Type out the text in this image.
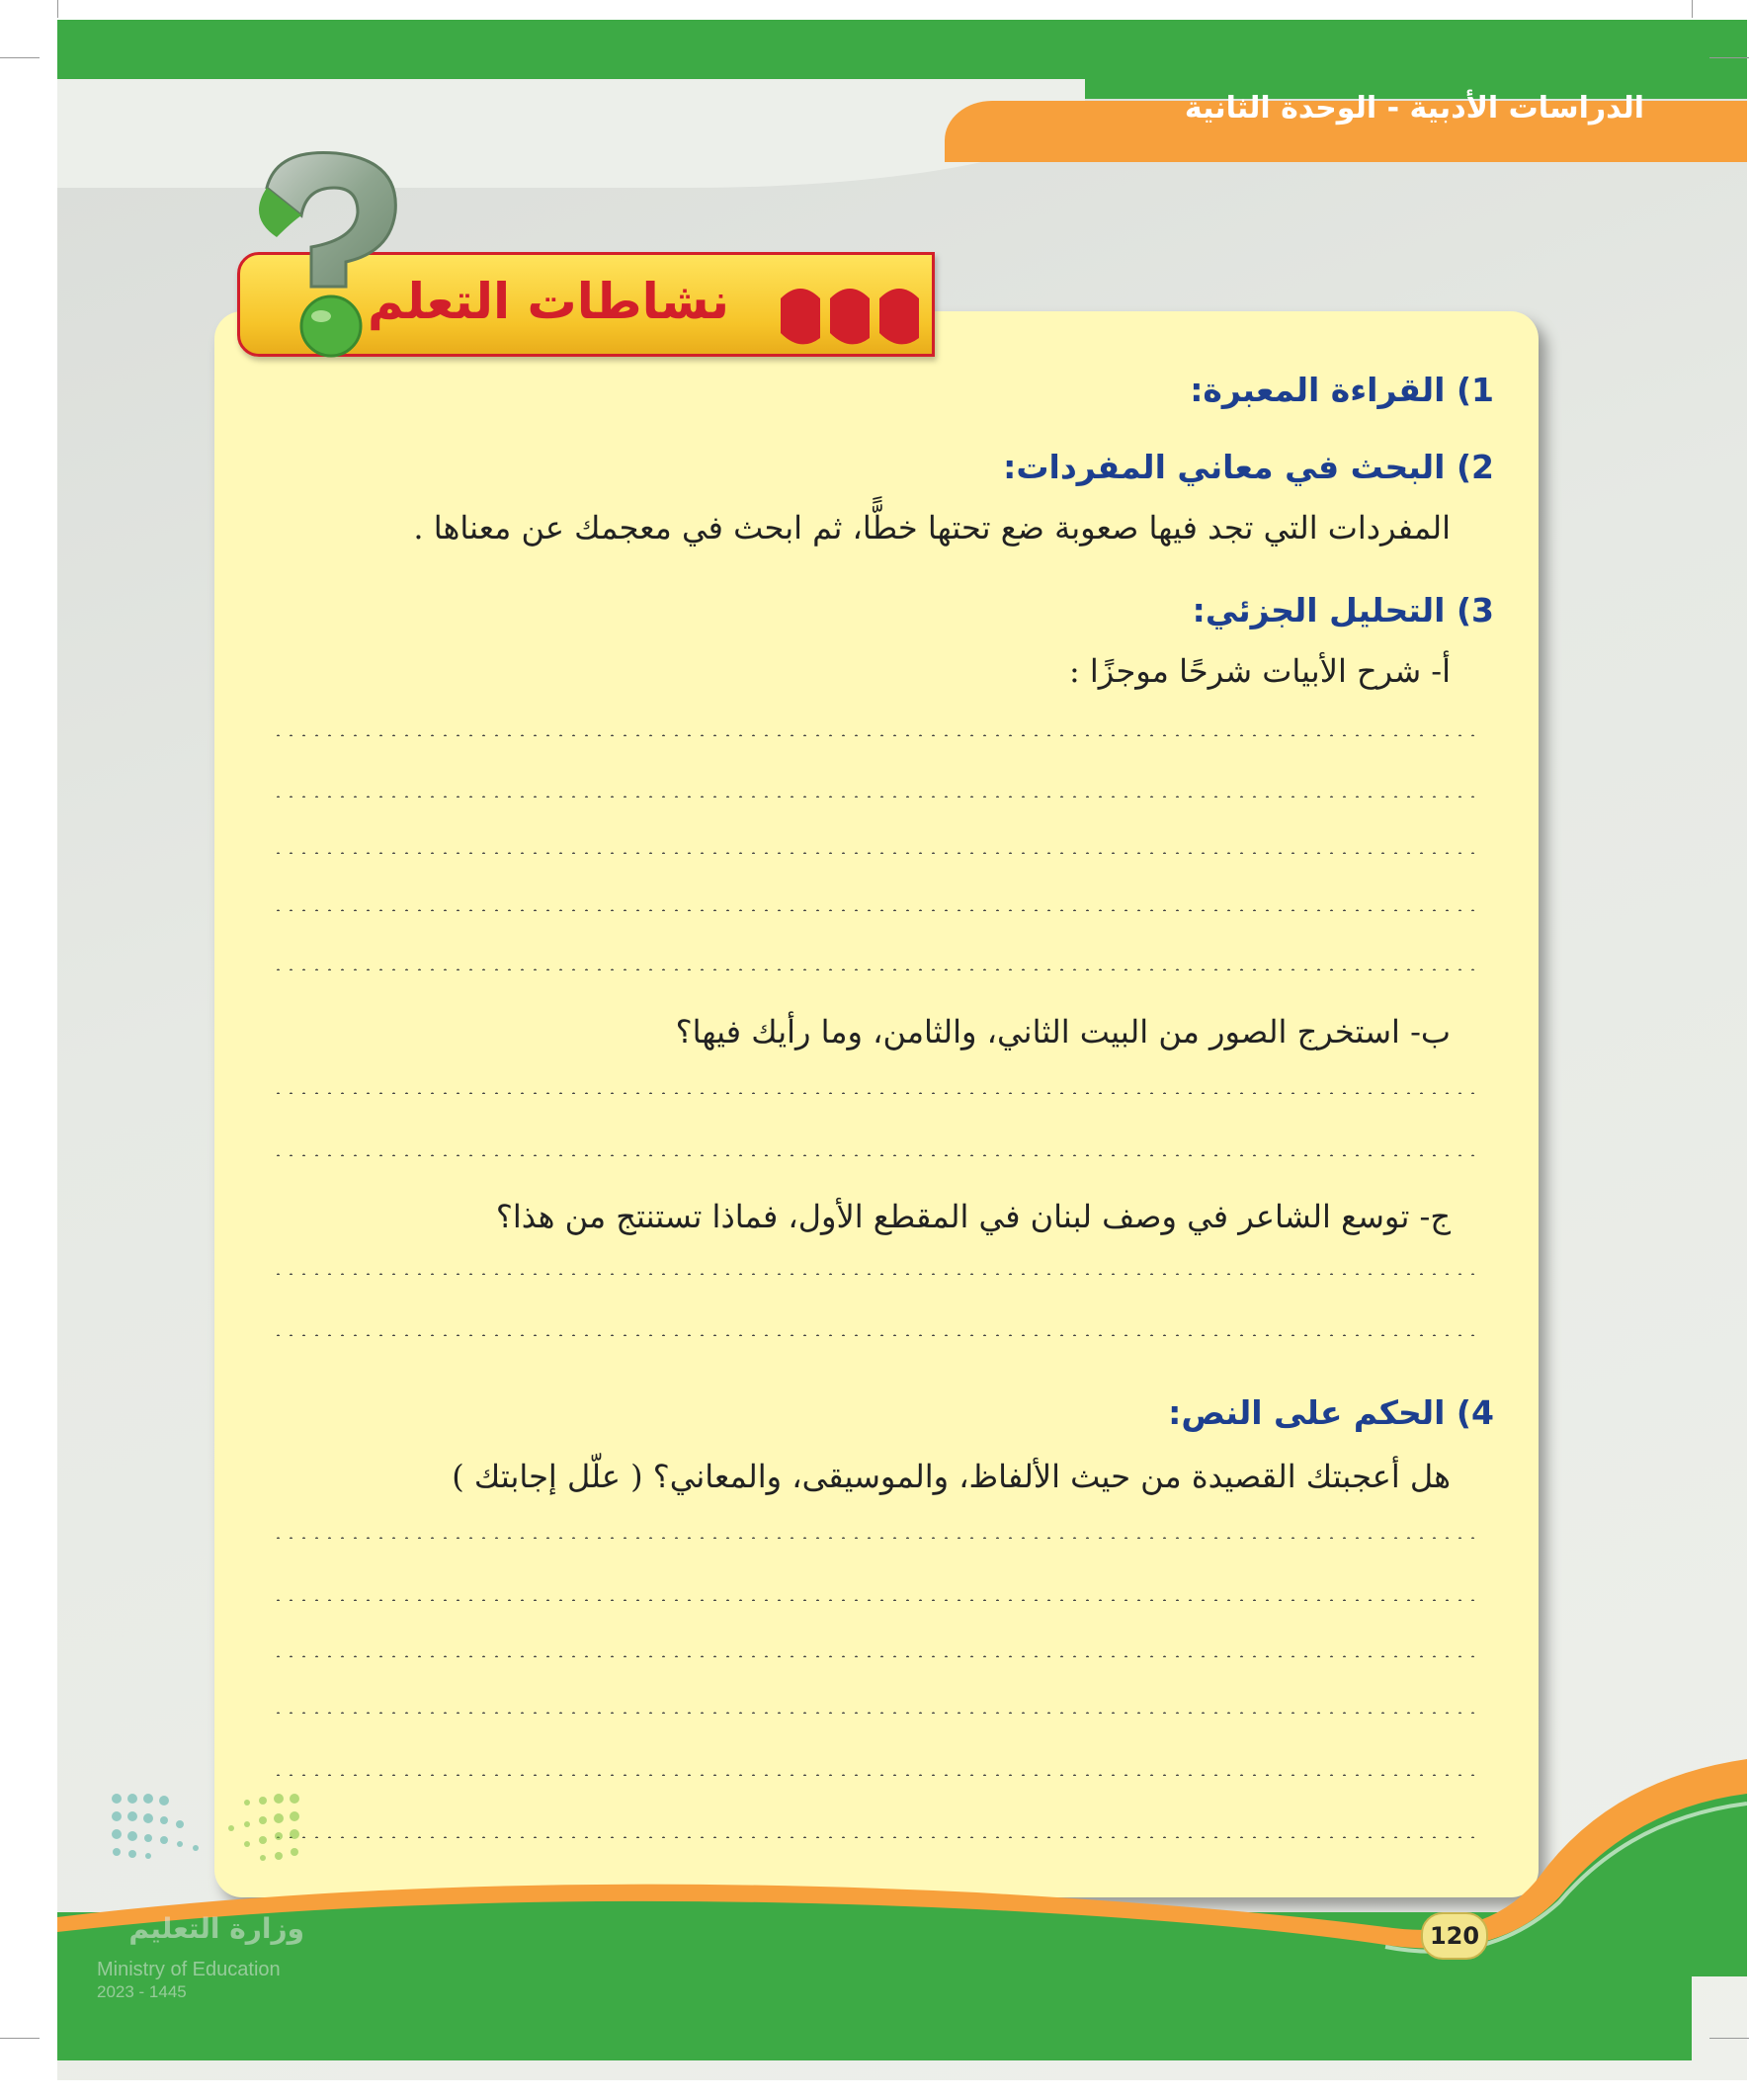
الدراسات الأدبية - الوحدة الثانية
نشاطات التعلم
1) القراءة المعبرة:
2) البحث في معاني المفردات:
المفردات التي تجد فيها صعوبة ضع تحتها خطًّا، ثم ابحث في معجمك عن معناها .
3) التحليل الجزئي:
أ- شرح الأبيات شرحًا موجزًا :
ب- استخرج الصور من البيت الثاني، والثامن، وما رأيك فيها؟
ج- توسع الشاعر في وصف لبنان في المقطع الأول، فماذا تستنتج من هذا؟
4) الحكم على النص:
هل أعجبتك القصيدة من حيث الألفاظ، والموسيقى، والمعاني؟ ( علّل إجابتك )
120
وزارة التعليم
Ministry of Education
2023 - 1445
